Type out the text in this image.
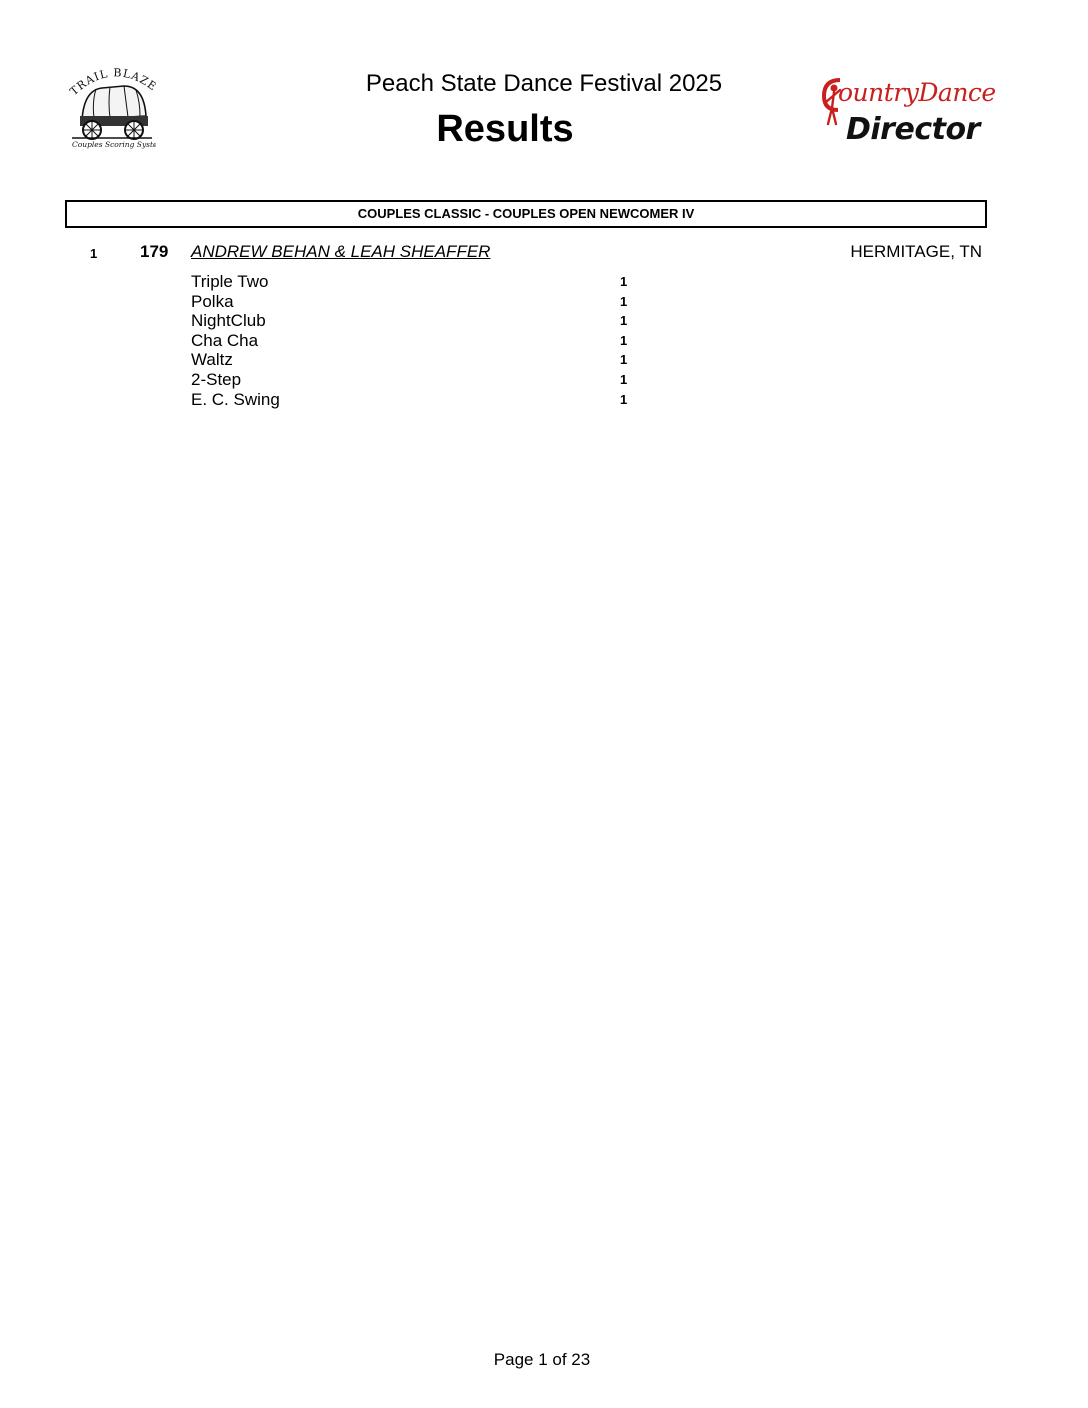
TRAIL BLAZ
Couples Scoring System
Peach State Dance Festival 2025
Results
ountryDance
Director
COUPLES CLASSIC - COUPLES OPEN NEWCOMER IV
1	179 ANDREW BEHAN & LEAH SHEAFFER	HERMITAGE, TN
Triple Two	1
Polka	1
NightClub	1
Cha Cha	1
Waltz	1
2-Step	1
E. C. Swing	1
Page 1 of 23
